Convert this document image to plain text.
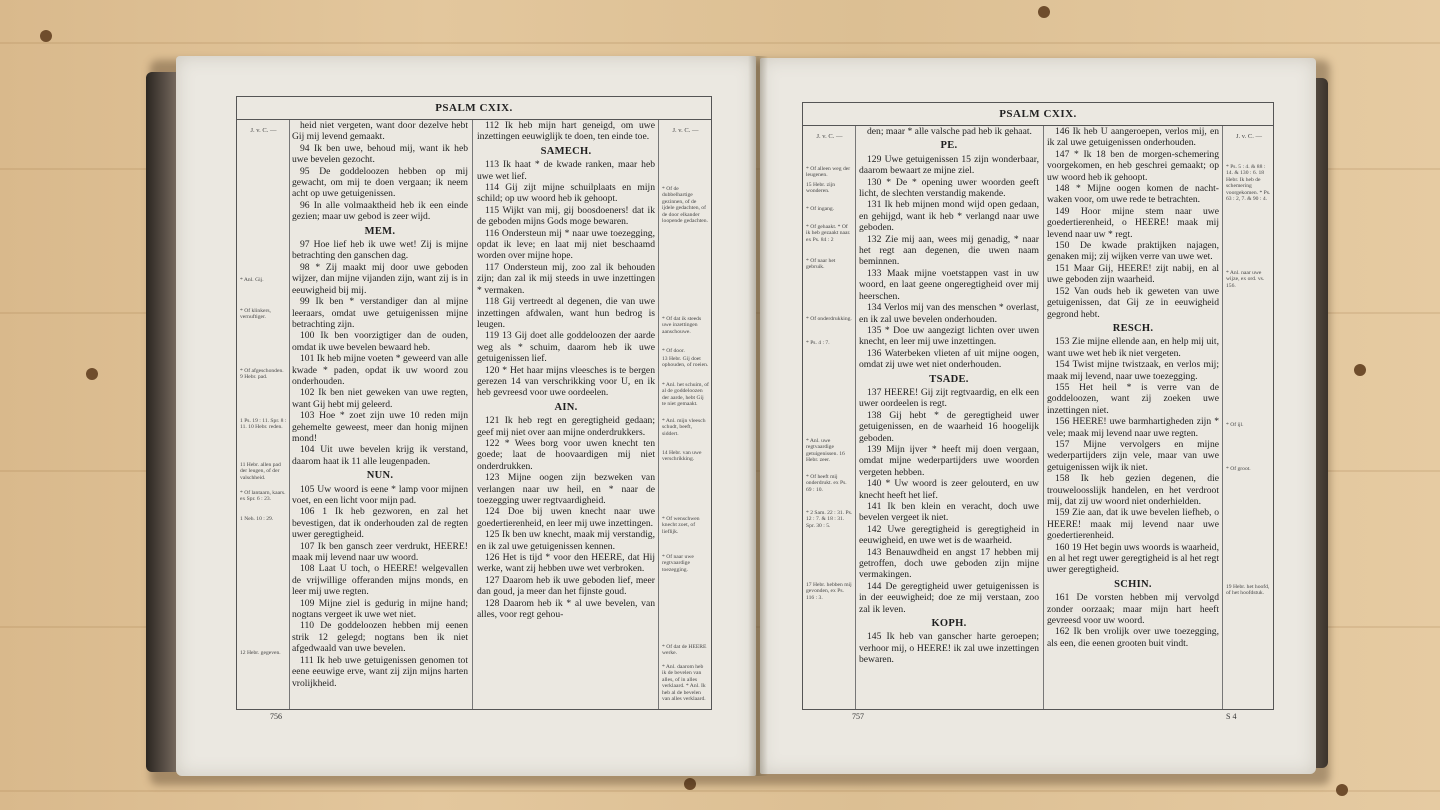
PSALM CXIX.
J. v. C. —
* Anl. Gij.
* Of klinkers, vernuftiger.
* Of afgeschonden. 9 Hebr. pad.
1 Ps. 19 : 11. Spr. 8 : 11. 10 Hebr. reden.
11 Hebr. allen pad der leugen, of der valschheid.
* Of lantaarn, kaars. ex Spr. 6 : 23.
1 Neh. 10 : 29.
12 Hebr. gegeven.

heid niet vergeten, want door dezelve hebt Gij mij levend gemaakt.

94 Ik ben uwe, behoud mij, want ik heb uwe bevelen gezocht.

95 De goddeloozen hebben op mij gewacht, om mij te doen vergaan; ik neem acht op uwe getuigenissen.

96 In alle volmaaktheid heb ik een einde gezien; maar uw gebod is zeer wijd.

MEM.

97 Hoe lief heb ik uwe wet! Zij is mijne betrachting den ganschen dag.

98 * Zij maakt mij door uwe geboden wijzer, dan mijne vijanden zijn, want zij is in eeuwigheid bij mij.

99 Ik ben * verstandiger dan al mijne leeraars, omdat uwe getuigenissen mijne betrachting zijn.

100 Ik ben voorzigtiger dan de ouden, omdat ik uwe bevelen bewaard heb.

101 Ik heb mijne voeten * geweerd van alle kwade * paden, opdat ik uw woord zou onderhouden.

102 Ik ben niet geweken van uwe regten, want Gij hebt mij geleerd.

103 Hoe * zoet zijn uwe 10 reden mijn gehemelte geweest, meer dan honig mijnen mond!

104 Uit uwe bevelen krijg ik verstand, daarom haat ik 11 alle leugenpaden.

NUN.

105 Uw woord is eene * lamp voor mijnen voet, en een licht voor mijn pad.

106 1 Ik heb gezworen, en zal het bevestigen, dat ik onderhouden zal de regten uwer geregtigheid.

107 Ik ben gansch zeer verdrukt, HEERE! maak mij levend naar uw woord.

108 Laat U toch, o HEERE! welgevallen de vrijwillige offeranden mijns monds, en leer mij uwe regten.

109 Mijne ziel is gedurig in mijne hand; nogtans vergeet ik uwe wet niet.

110 De goddeloozen hebben mij eenen strik 12 gelegd; nogtans ben ik niet afgedwaald van uwe bevelen.

111 Ik heb uwe getuigenissen genomen tot eene eeuwige erve, want zij zijn mijns harten vrolijkheid.

112 Ik heb mijn hart geneigd, om uwe inzettingen eeuwiglijk te doen, ten einde toe.

SAMECH.

113 Ik haat * de kwade ranken, maar heb uwe wet lief.

114 Gij zijt mijne schuilplaats en mijn schild; op uw woord heb ik gehoopt.

115 Wijkt van mij, gij boosdoeners! dat ik de geboden mijns Gods moge bewaren.

116 Ondersteun mij * naar uwe toezegging, opdat ik leve; en laat mij niet beschaamd worden over mijne hope.

117 Ondersteun mij, zoo zal ik behouden zijn; dan zal ik mij steeds in uwe inzettingen * vermaken.

118 Gij vertreedt al degenen, die van uwe inzettingen afdwalen, want hun bedrog is leugen.

119 13 Gij doet alle goddeloozen der aarde weg als * schuim, daarom heb ik uwe getuigenissen lief.

120 * Het haar mijns vleesches is te bergen gerezen 14 van verschrikking voor U, en ik heb gevreesd voor uwe oordeelen.

AIN.

121 Ik heb regt en geregtigheid gedaan; geef mij niet over aan mijne onderdrukkers.

122 * Wees borg voor uwen knecht ten goede; laat de hoovaardigen mij niet onderdrukken.

123 Mijne oogen zijn bezweken van verlangen naar uw heil, en * naar de toezegging uwer regtvaardigheid.

124 Doe bij uwen knecht naar uwe goedertierenheid, en leer mij uwe inzettingen.

125 Ik ben uw knecht, maak mij verstandig, en ik zal uwe getuigenissen kennen.

126 Het is tijd * voor den HEERE, dat Hij werke, want zij hebben uwe wet verbroken.

127 Daarom heb ik uwe geboden lief, meer dan goud, ja meer dan het fijnste goud.

128 Daarom heb ik * al uwe bevelen, van alles, voor regt gehou-

J. v. C. —
* Of de dubbelhartige gezinnen, of de ijdele gedachten, of de door elkander loopende gedachten.
* Of door.
* Of dat ik steeds uwe inzettingen aanschouwe.
13 Hebr. Gij doet ophouden, of roeien.
* Anl. het schuim, of al de goddeloozen der aarde, hebt Gij te niet gemaakt.
* Anl. mijn vleesch schudt, beeft, siddert.
14 Hebr. van uwe verschrikking.
* Of wenschwen knecht zoet, of lieflijk.
* Of naar uwe regtvaardige toezegging.
* Of dat de HEERE werke.
* Anl. daarom heb ik de bevelen van alles, of in alles verklaard. * Anl. Ik heb al de bevelen van alles verklaard.
756
PSALM CXIX.
J. v. C. —
* Of alleen weg der leugenen.
15 Hebr. zijn wonderen.
* Of ingang.
* Of gehaakt. * Of ik heb gezaakt naar. ex Ps. 84 : 2
* Of naar het gebruik.
* Of onderdrukking.
* Ps. 4 : 7.
* Anl. uwe regtvaardige getuigenissen. 16 Hebr. zeer.
* Of heeft mij onderdrukt. ex Ps. 69 : 10.
* 2 Sam. 22 : 31. Ps. 12 : 7. & 18 : 31. Spr. 30 : 5.
17 Hebr. hebben mij gevonden, ex Ps. 116 : 3.

den; maar * alle valsche pad heb ik gehaat.

PE.

129 Uwe getuigenissen 15 zijn wonderbaar, daarom bewaart ze mijne ziel.

130 * De * opening uwer woorden geeft licht, de slechten verstandig makende.

131 Ik heb mijnen mond wijd open gedaan, en gehijgd, want ik heb * verlangd naar uwe geboden.

132 Zie mij aan, wees mij genadig, * naar het regt aan degenen, die uwen naam beminnen.

133 Maak mijne voetstappen vast in uw woord, en laat geene ongeregtigheid over mij heerschen.

134 Verlos mij van des menschen * overlast, en ik zal uwe bevelen onderhouden.

135 * Doe uw aangezigt lichten over uwen knecht, en leer mij uwe inzettingen.

136 Waterbeken vlieten af uit mijne oogen, omdat zij uwe wet niet onderhouden.

TSADE.

137 HEERE! Gij zijt regtvaardig, en elk een uwer oordeelen is regt.

138 Gij hebt * de geregtigheid uwer getuigenissen, en de waarheid 16 hoogelijk geboden.

139 Mijn ijver * heeft mij doen vergaan, omdat mijne wederpartijders uwe woorden vergeten hebben.

140 * Uw woord is zeer gelouterd, en uw knecht heeft het lief.

141 Ik ben klein en veracht, doch uwe bevelen vergeet ik niet.

142 Uwe geregtigheid is geregtigheid in eeuwigheid, en uwe wet is de waarheid.

143 Benauwdheid en angst 17 hebben mij getroffen, doch uwe geboden zijn mijne vermakingen.

144 De geregtigheid uwer getuigenissen is in der eeuwigheid; doe ze mij verstaan, zoo zal ik leven.

KOPH.

145 Ik heb van ganscher harte geroepen; verhoor mij, o HEERE! ik zal uwe inzettingen bewaren.

146 Ik heb U aangeroepen, verlos mij, en ik zal uwe getuigenissen onderhouden.

147 * Ik 18 ben de morgen-schemering voorgekomen, en heb geschrei gemaakt; op uw woord heb ik gehoopt.

148 * Mijne oogen komen de nacht-waken voor, om uwe rede te betrachten.

149 Hoor mijne stem naar uwe goedertierenheid, o HEERE! maak mij levend naar uw * regt.

150 De kwade praktijken najagen, genaken mij; zij wijken verre van uwe wet.

151 Maar Gij, HEERE! zijt nabij, en al uwe geboden zijn waarheid.

152 Van ouds heb ik geweten van uwe getuigenissen, dat Gij ze in eeuwigheid gegrond hebt.

RESCH.

153 Zie mijne ellende aan, en help mij uit, want uwe wet heb ik niet vergeten.

154 Twist mijne twistzaak, en verlos mij; maak mij levend, naar uwe toezegging.

155 Het heil * is verre van de goddeloozen, want zij zoeken uwe inzettingen niet.

156 HEERE! uwe barmhartigheden zijn * vele; maak mij levend naar uwe regten.

157 Mijne vervolgers en mijne wederpartijders zijn vele, maar van uwe getuigenissen wijk ik niet.

158 Ik heb gezien degenen, die trouweloosslijk handelen, en het verdroot mij, dat zij uw woord niet onderhielden.

159 Zie aan, dat ik uwe bevelen liefheb, o HEERE! maak mij levend naar uwe goedertierenheid.

160 19 Het begin uws woords is waarheid, en al het regt uwer geregtigheid is al het regt uwer geregtigheid.

SCHIN.

161 De vorsten hebben mij vervolgd zonder oorzaak; maar mijn hart heeft gevreesd voor uw woord.

162 Ik ben vrolijk over uwe toezegging, als een, die eenen grooten buit vindt.

J. v. C. —
* Ps. 5 : 4. & 88 : 14. & 130 : 6. 18 Hebr. Ik heb de schemering voorgekomen. * Ps. 63 : 2, 7. & 90 : 4.
* Anl. naar uwe wijze, ex ord. vs. 156.
* Of ijl.
* Of groot.
19 Hebr. het hoofd, of het hoofdstuk.
757	S 4
